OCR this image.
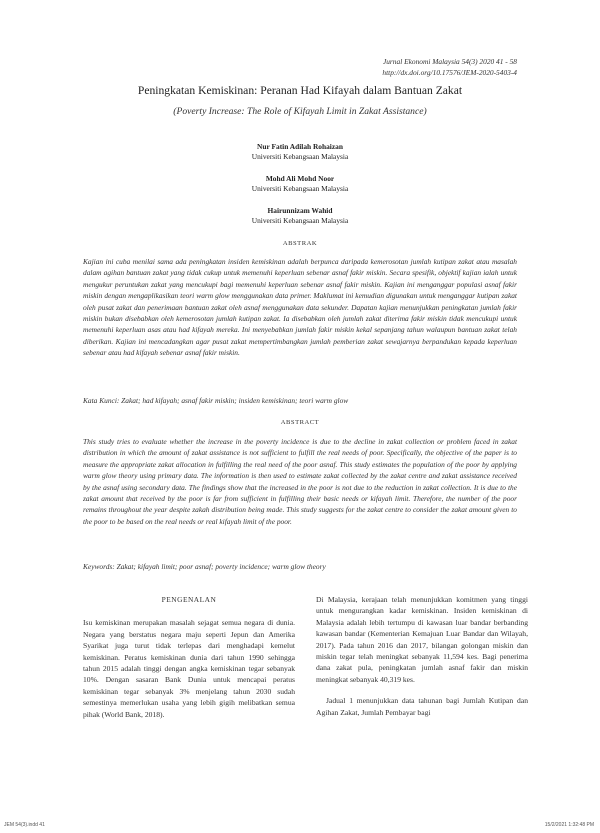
Jurnal Ekonomi Malaysia 54(3) 2020 41 - 58
http://dx.doi.org/10.17576/JEM-2020-5403-4
Peningkatan Kemiskinan: Peranan Had Kifayah dalam Bantuan Zakat
(Poverty Increase: The Role of Kifayah Limit in Zakat Assistance)
Nur Fatin Adilah Rohaizan
Universiti Kebangsaan Malaysia
Mohd Ali Mohd Noor
Universiti Kebangsaan Malaysia
Hairunnizam Wahid
Universiti Kebangsaan Malaysia
ABSTRAK

Kajian ini cuba menilai sama ada peningkatan insiden kemiskinan adalah berpunca daripada kemerosotan jumlah kutipan zakat atau masalah dalam agihan bantuan zakat yang tidak cukup untuk memenuhi keperluan sebenar asnaf fakir miskin. Secara spesifik, objektif kajian ialah untuk mengukur peruntukan zakat yang mencukupi bagi memenuhi keperluan sebenar asnaf fakir miskin. Kajian ini menganggar populasi asnaf fakir miskin dengan mengaplikasikan teori warm glow menggunakan data primer. Maklumat ini kemudian digunakan untuk menganggar kutipan zakat oleh pusat zakat dan penerimaan bantuan zakat oleh asnaf menggunakan data sekunder. Dapatan kajian menunjukkan peningkatan jumlah fakir miskin bukan disebabkan oleh kemerosotan jumlah kutipan zakat. Ia disebabkan oleh jumlah zakat diterima fakir miskin tidak mencukupi untuk memenuhi keperluan asas atau had kifayah mereka. Ini menyebabkan jumlah fakir miskin kekal sepanjang tahun walaupun bantuan zakat telah diberikan. Kajian ini mencadangkan agar pusat zakat mempertimbangkan jumlah pemberian zakat sewajarnya berpandukan kepada keperluan sebenar atau had kifayah sebenar asnaf fakir miskin.

Kata Kunci: Zakat; had kifayah; asnaf fakir miskin; insiden kemiskinan; teori warm glow

ABSTRACT

This study tries to evaluate whether the increase in the poverty incidence is due to the decline in zakat collection or problem faced in zakat distribution in which the amount of zakat assistance is not sufficient to fulfill the real needs of poor. Specifically, the objective of the paper is to measure the appropriate zakat allocation in fulfilling the real need of the poor asnaf. This study estimates the population of the poor by applying warm glow theory using primary data. The information is then used to estimate zakat collected by the zakat centre and zakat assistance received by the asnaf using secondary data. The findings show that the increased in the poor is not due to the reduction in zakat collection. It is due to the zakat amount that received by the poor is far from sufficient in fulfilling their basic needs or kifayah limit. Therefore, the number of the poor remains throughout the year despite zakah distribution being made. This study suggests for the zakat centre to consider the zakat amount given to the poor to be based on the real needs or real kifayah limit of the poor.

Keywords: Zakat; kifayah limit; poor asnaf; poverty incidence; warm glow theory

PENGENALAN

Isu kemiskinan merupakan masalah sejagat semua negara di dunia. Negara yang berstatus negara maju seperti Jepun dan Amerika Syarikat juga turut tidak terlepas dari menghadapi kemelut kemiskinan. Peratus kemiskinan dunia dari tahun 1990 sehingga tahun 2015 adalah tinggi dengan angka kemiskinan tegar sebanyak 10%. Dengan sasaran Bank Dunia untuk mencapai peratus kemiskinan tegar sebanyak 3% menjelang tahun 2030 sudah semestinya memerlukan usaha yang lebih gigih melibatkan semua pihak (World Bank, 2018).

Di Malaysia, kerajaan telah menunjukkan komitmen yang tinggi untuk mengurangkan kadar kemiskinan. Insiden kemiskinan di Malaysia adalah lebih tertumpu di kawasan luar bandar berbanding kawasan bandar (Kementerian Kemajuan Luar Bandar dan Wilayah, 2017). Pada tahun 2016 dan 2017, bilangan golongan miskin dan miskin tegar telah meningkat sebanyak 11,594 kes. Bagi penerima dana zakat pula, peningkatan jumlah asnaf fakir dan miskin meningkat sebanyak 40,319 kes.

Jadual 1 menunjukkan data tahunan bagi Jumlah Kutipan dan Agihan Zakat, Jumlah Pembayar bagi

JEM 54(3).indd 41	15/2/2021 1:32:48 PM
